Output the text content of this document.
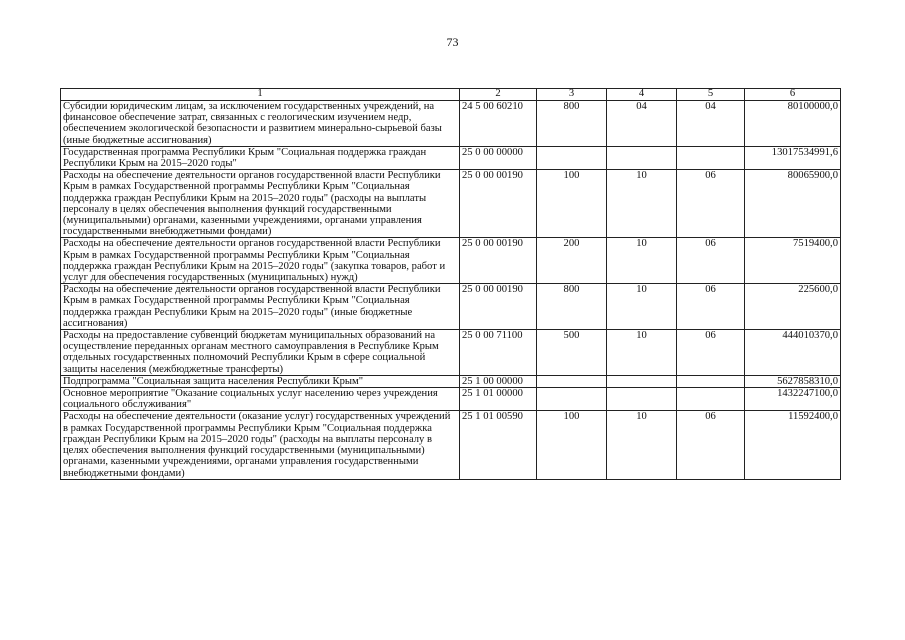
73
1	2	3	4	5	6
Субсидии юридическим лицам, за исключением государственных учреждений, на финансовое обеспечение затрат, связанных с геологическим изучением недр, обеспечением экологической безопасности и развитием минерально-сырьевой базы (иные бюджетные ассигнования)	24 5 00 60210	800	04	04	80100000,0
Государственная программа Республики Крым "Социальная поддержка граждан Республики Крым на 2015–2020 годы"	25 0 00 00000				13017534991,6
Расходы на обеспечение деятельности органов государственной власти Республики Крым в рамках Государственной программы Республики Крым "Социальная поддержка граждан Республики Крым на 2015–2020 годы" (расходы на выплаты персоналу в целях обеспечения выполнения функций государственными (муниципальными) органами, казенными учреждениями, органами управления государственными внебюджетными фондами)	25 0 00 00190	100	10	06	80065900,0
Расходы на обеспечение деятельности органов государственной власти Республики Крым в рамках Государственной программы Республики Крым "Социальная поддержка граждан Республики Крым на 2015–2020 годы" (закупка товаров, работ и услуг для обеспечения государственных (муниципальных) нужд)	25 0 00 00190	200	10	06	7519400,0
Расходы на обеспечение деятельности органов государственной власти Республики Крым в рамках Государственной программы Республики Крым "Социальная поддержка граждан Республики Крым на 2015–2020 годы" (иные бюджетные ассигнования)	25 0 00 00190	800	10	06	225600,0
Расходы на предоставление субвенций бюджетам муниципальных образований на осуществление переданных органам местного самоуправления в Республике Крым отдельных государственных полномочий Республики Крым в сфере социальной защиты населения (межбюджетные трансферты)	25 0 00 71100	500	10	06	444010370,0
Подпрограмма "Социальная защита населения Республики Крым"	25 1 00 00000				5627858310,0
Основное мероприятие "Оказание социальных услуг населению через учреждения социального обслуживания"	25 1 01 00000				1432247100,0
Расходы на обеспечение деятельности (оказание услуг) государственных учреждений в рамках Государственной программы Республики Крым "Социальная поддержка граждан Республики Крым на 2015–2020 годы" (расходы на выплаты персоналу в целях обеспечения выполнения функций государственными (муниципальными) органами, казенными учреждениями, органами управления государственными внебюджетными фондами)	25 1 01 00590	100	10	06	11592400,0
